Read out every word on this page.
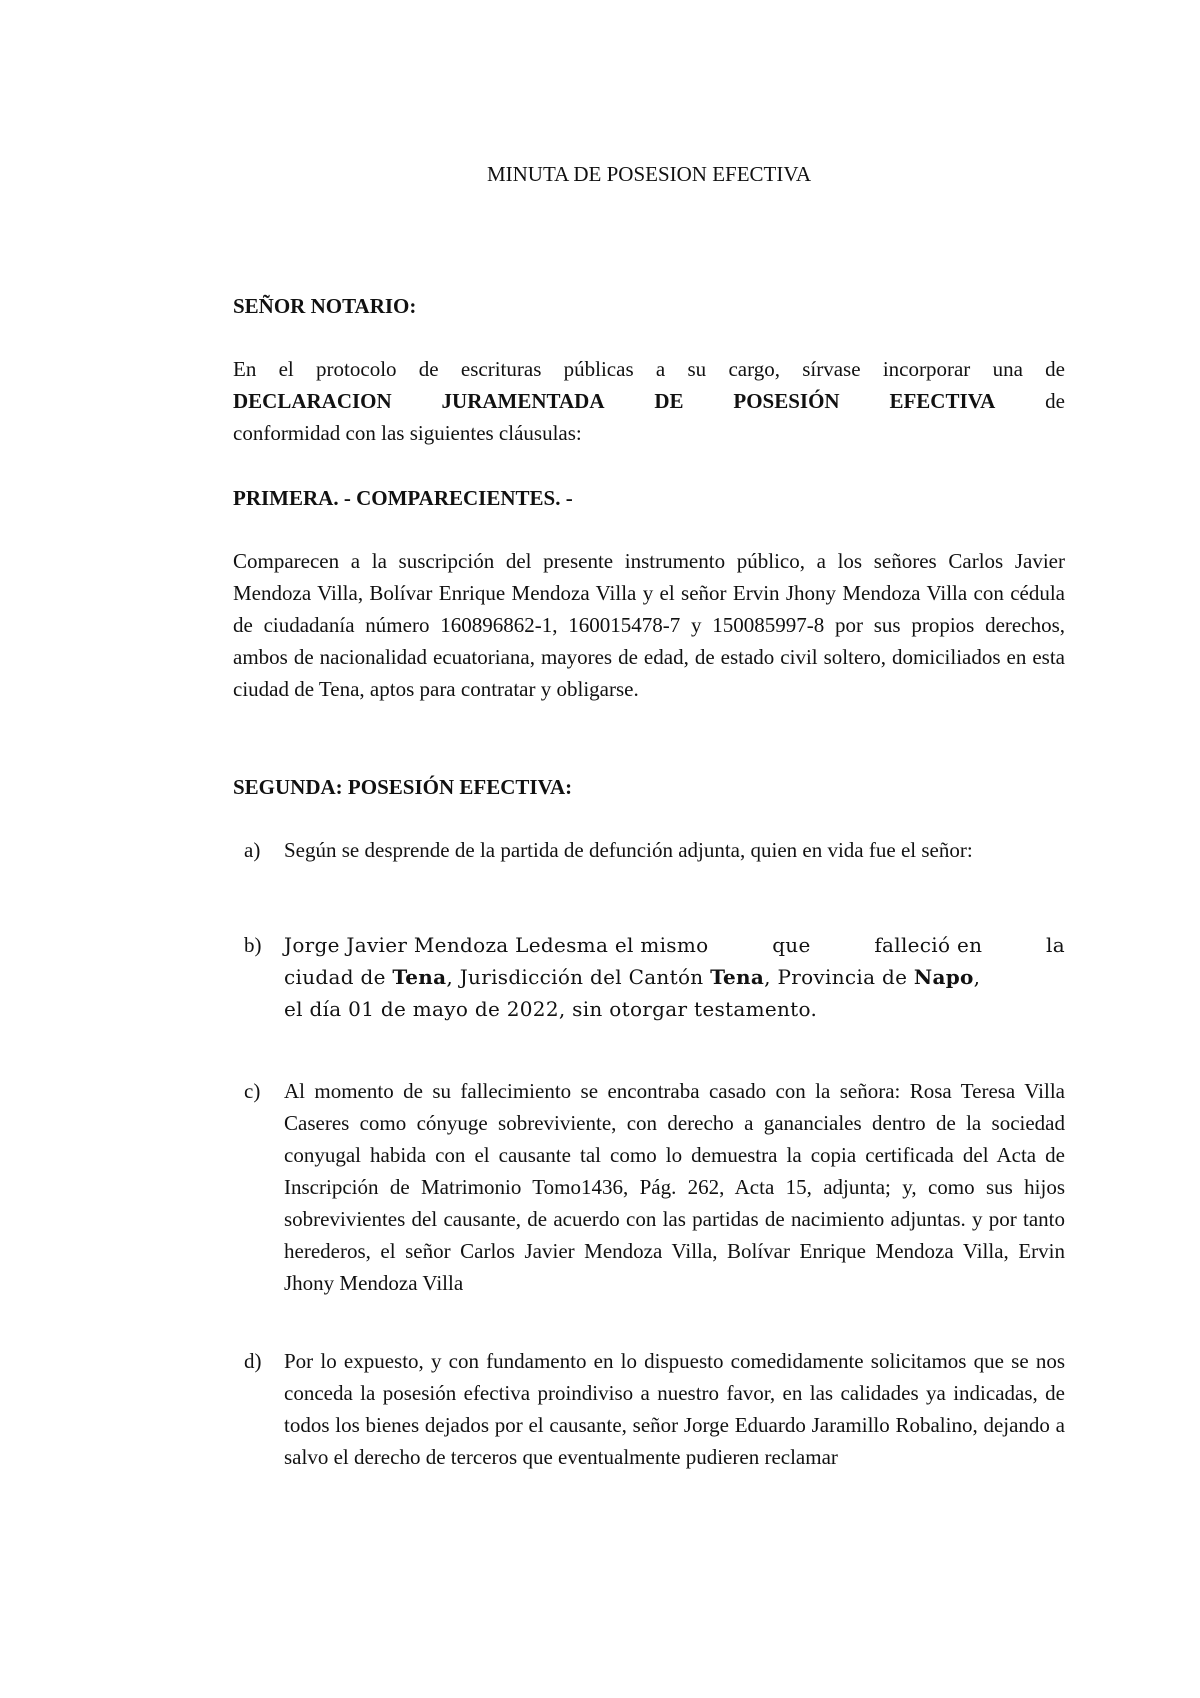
MINUTA DE POSESION EFECTIVA
SEÑOR NOTARIO:
En el protocolo de escrituras públicas a su cargo, sírvase incorporar una de
DECLARACION JURAMENTADA DE POSESIÓN EFECTIVA de
conformidad con las siguientes cláusulas:
PRIMERA. - COMPARECIENTES. -
Comparecen a la suscripción del presente instrumento público, a los señores Carlos Javier Mendoza Villa, Bolívar Enrique Mendoza Villa y el señor Ervin Jhony Mendoza Villa con cédula de ciudadanía número 160896862-1, 160015478-7 y 150085997-8 por sus propios derechos, ambos de nacionalidad ecuatoriana, mayores de edad, de estado civil soltero, domiciliados en esta ciudad de Tena, aptos para contratar y obligarse.
SEGUNDA: POSESIÓN EFECTIVA:
a)	Según se desprende de la partida de defunción adjunta, quien en vida fue el señor:
b)	Jorge Javier Mendoza Ledesma el mismo	que	falleció en	la
ciudad de Tena, Jurisdicción del Cantón Tena, Provincia de Napo,
el día 01 de mayo de 2022, sin otorgar testamento.
c)	Al momento de su fallecimiento se encontraba casado con la señora: Rosa Teresa Villa Caseres como cónyuge sobreviviente, con derecho a gananciales dentro de la sociedad conyugal habida con el causante tal como lo demuestra la copia certificada del Acta de Inscripción de Matrimonio Tomo1436, Pág. 262, Acta 15, adjunta; y, como sus hijos sobrevivientes del causante, de acuerdo con las partidas de nacimiento adjuntas. y por tanto herederos, el señor Carlos Javier Mendoza Villa, Bolívar Enrique Mendoza Villa, Ervin Jhony Mendoza Villa
d)	Por lo expuesto, y con fundamento en lo dispuesto comedidamente solicitamos que se nos conceda la posesión efectiva proindiviso a nuestro favor, en las calidades ya indicadas, de todos los bienes dejados por el causante, señor Jorge Eduardo Jaramillo Robalino, dejando a salvo el derecho de terceros que eventualmente pudieren reclamar
